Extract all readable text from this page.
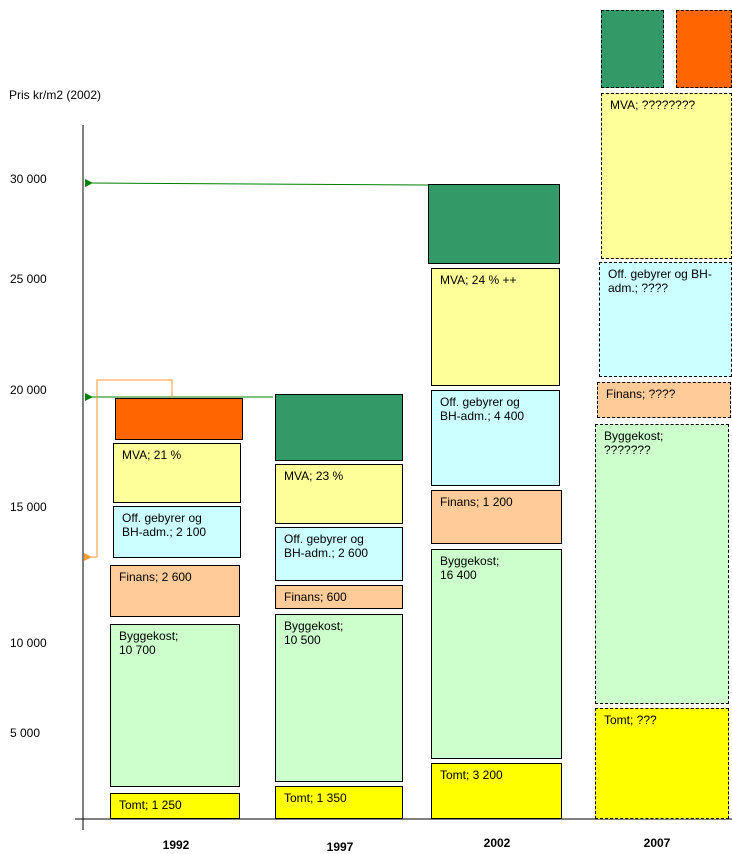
Pris kr/m2 (2002)
5 000
10 000
15 000
20 000
25 000
30 000
Tomt; 1 250
Byggekost;
10 700
Finans; 2 600
Off. gebyrer og
BH-adm.; 2 100
MVA; 21 %
Tomt; 1 350
Byggekost;
10 500
Finans; 600
Off. gebyrer og
BH-adm.; 2 600
MVA; 23 %
Tomt; 3 200
Byggekost;
16 400
Finans; 1 200
Off. gebyrer og
BH-adm.; 4 400
MVA; 24 % ++
Tomt; ???
Byggekost;
???????
Finans; ????
Off. gebyrer og BH-
adm.; ????
MVA; ????????
1992	1997	2002	2007
